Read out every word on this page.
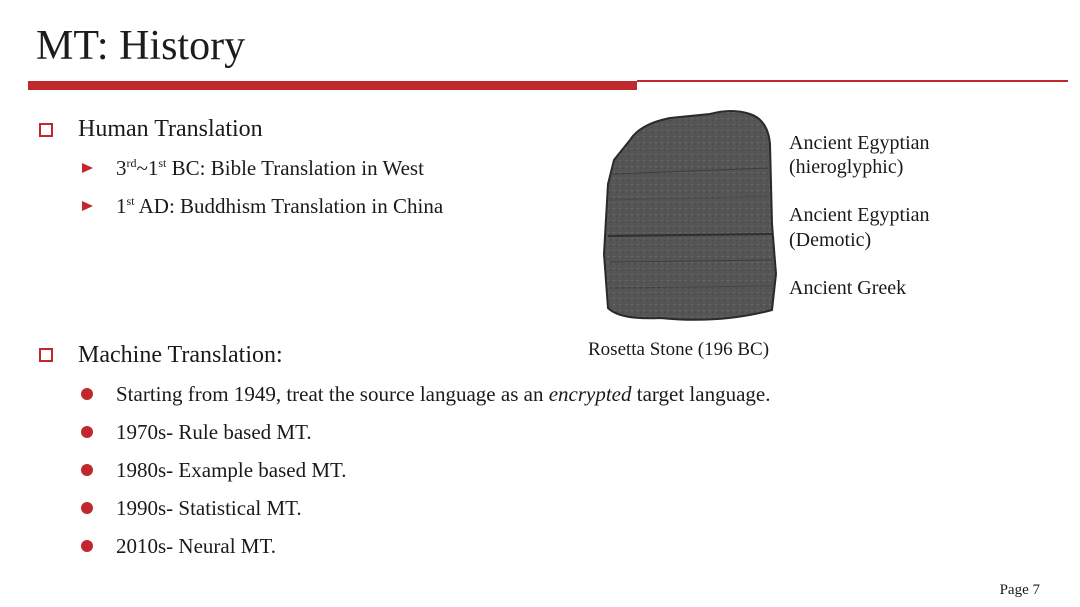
MT: History
Human Translation
3rd~1st BC: Bible Translation in West
1st AD: Buddhism Translation in China
Ancient Egyptian
(hieroglyphic)
Ancient Egyptian
(Demotic)
Ancient Greek
Rosetta Stone (196 BC)
Machine Translation:
Starting from 1949, treat the source language as an encrypted target language.
1970s- Rule based MT.
1980s- Example based MT.
1990s- Statistical MT.
2010s- Neural MT.
Page 7
